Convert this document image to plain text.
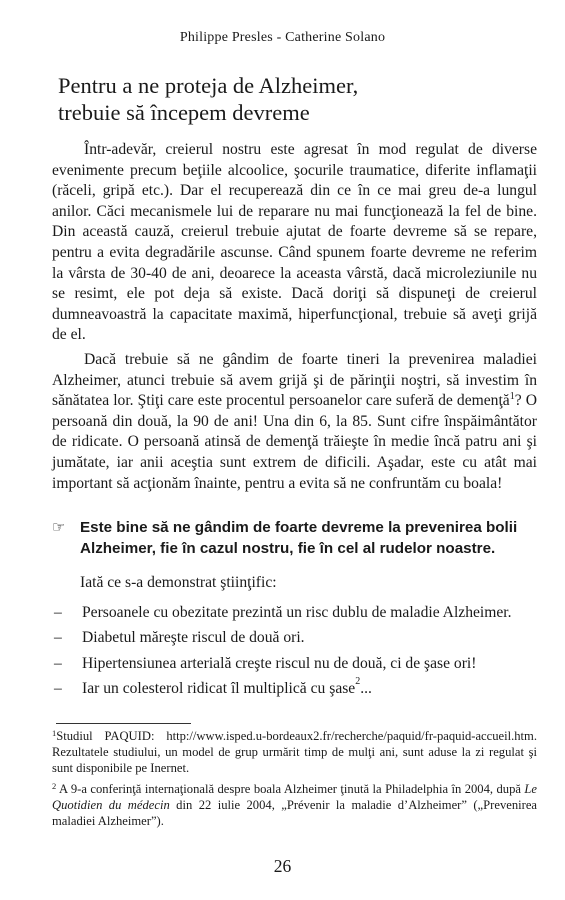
Philippe Presles - Catherine Solano
Pentru a ne proteja de Alzheimer,
trebuie să începem devreme

Într-adevăr, creierul nostru este agresat în mod regulat de diverse evenimente precum beţiile alcoolice, şocurile traumatice, diferite inflamaţii (răceli, gripă etc.). Dar el recuperează din ce în ce mai greu de-a lungul anilor. Căci mecanismele lui de reparare nu mai funcţionează la fel de bine. Din această cauză, creierul trebuie ajutat de foarte devreme să se repare, pentru a evita degradările ascunse. Când spunem foarte devreme ne referim la vârsta de 30-40 de ani, deoarece la aceasta vârstă, dacă microleziunile nu se resimt, ele pot deja să existe. Dacă doriţi să dispuneţi de creierul dumneavoastră la capacitate maximă, hiperfuncţional, trebuie să aveţi grijă de el.

Dacă trebuie să ne gândim de foarte tineri la prevenirea maladiei Alzheimer, atunci trebuie să avem grijă şi de părinţii noştri, să investim în sănătatea lor. Ştiţi care este procentul persoanelor care suferă de demenţă$^1$? O persoană din două, la 90 de ani! Una din 6, la 85. Sunt cifre înspăimântător de ridicate. O persoană atinsă de demenţă trăieşte în medie încă patru ani şi jumătate, iar anii aceştia sunt extrem de dificili. Aşadar, este cu atât mai important să acţionăm înainte, pentru a evita să ne confruntăm cu boala!

☞ Este bine să ne gândim de foarte devreme la prevenirea bolii Alzheimer, fie în cazul nostru, fie în cel al rudelor noastre.
Iată ce s-a demonstrat ştiinţific:
– Persoanele cu obezitate prezintă un risc dublu de maladie Alzheimer.
– Diabetul măreşte riscul de două ori.
– Hipertensiunea arterială creşte riscul nu de două, ci de şase ori!
– Iar un colesterol ridicat îl multiplică cu şase$^2$...

$^1$Studiul PAQUID: http://www.isped.u-bordeaux2.fr/recherche/paquid/fr-paquid-accueil.htm. Rezultatele studiului, un model de grup urmărit timp de mulţi ani, sunt aduse la zi regulat şi sunt disponibile pe Inernet.

$^2$ A 9-a conferinţă internaţională despre boala Alzheimer ţinută la Philadelphia în 2004, după Le Quotidien du médecin din 22 iulie 2004, „Prévenir la maladie d’Alzheimer” („Prevenirea maladiei Alzheimer”).

26
